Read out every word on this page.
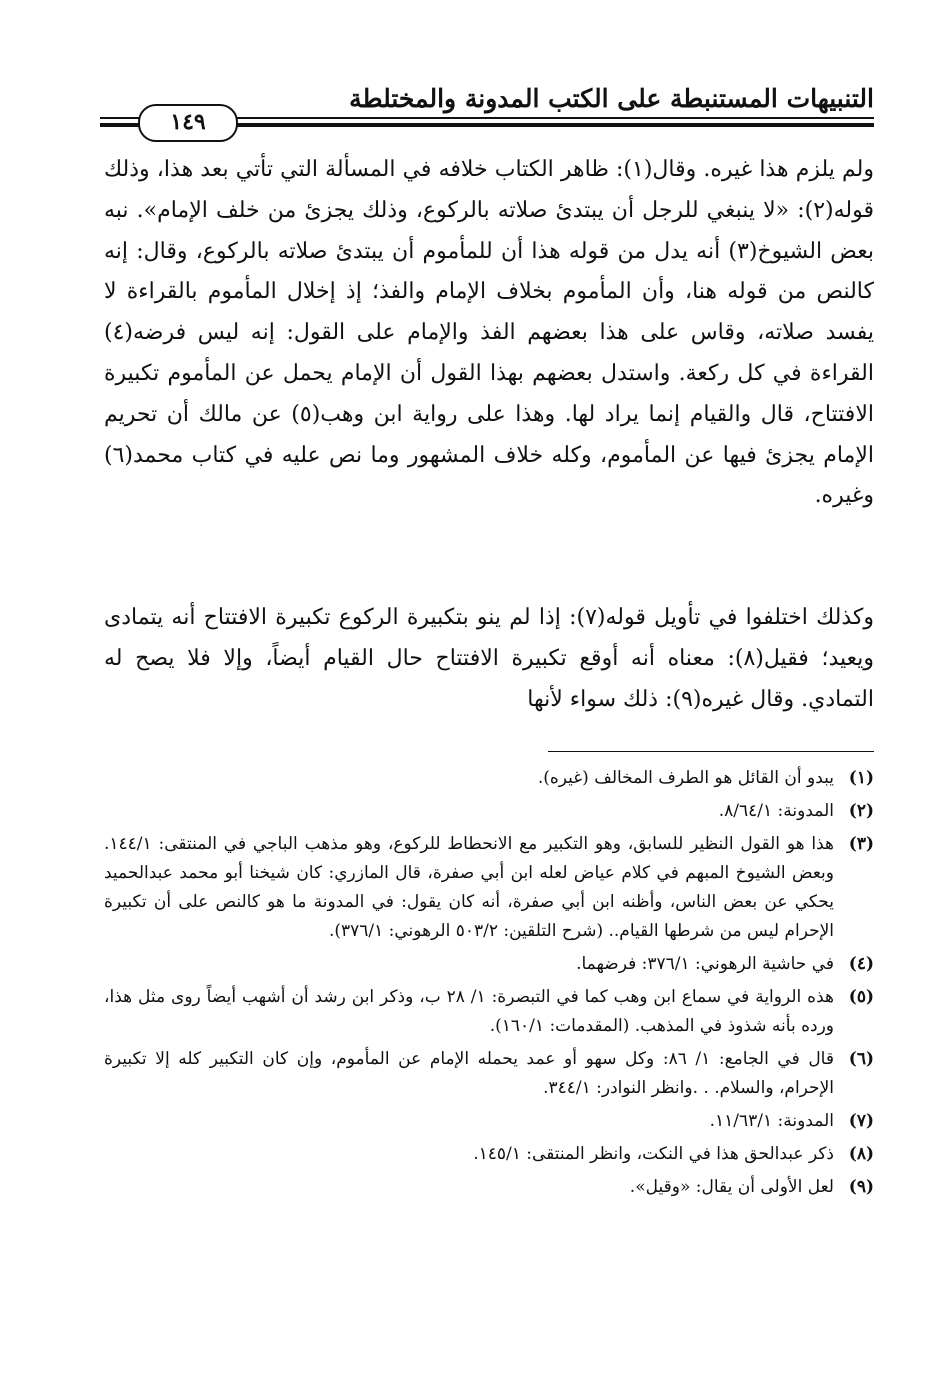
التنبيهات المستنبطة على الكتب المدونة والمختلطة
١٤٩

ولم يلزم هذا غيره. وقال(١): ظاهر الكتاب خلافه في المسألة التي تأتي بعد هذا، وذلك قوله(٢): «لا ينبغي للرجل أن يبتدئ صلاته بالركوع، وذلك يجزئ من خلف الإمام». نبه بعض الشيوخ(٣) أنه يدل من قوله هذا أن للمأموم أن يبتدئ صلاته بالركوع، وقال: إنه كالنص من قوله هنا، وأن المأموم بخلاف الإمام والفذ؛ إذ إخلال المأموم بالقراءة لا يفسد صلاته، وقاس على هذا بعضهم الفذ والإمام على القول: إنه ليس فرضه(٤) القراءة في كل ركعة. واستدل بعضهم بهذا القول أن الإمام يحمل عن المأموم تكبيرة الافتتاح، قال والقيام إنما يراد لها. وهذا على رواية ابن وهب(٥) عن مالك أن تحريم الإمام يجزئ فيها عن المأموم، وكله خلاف المشهور وما نص عليه في كتاب محمد(٦) وغيره.

وكذلك اختلفوا في تأويل قوله(٧): إذا لم ينو بتكبيرة الركوع تكبيرة الافتتاح أنه يتمادى ويعيد؛ فقيل(٨): معناه أنه أوقع تكبيرة الافتتاح حال القيام أيضاً، وإلا فلا يصح له التمادي. وقال غيره(٩): ذلك سواء لأنها

(١)
يبدو أن القائل هو الطرف المخالف (غيره).
(٢)
المدونة: ٨/٦٤/١.
(٣)
هذا هو القول النظير للسابق، وهو التكبير مع الانحطاط للركوع، وهو مذهب الباجي في المنتقى: ١٤٤/١. وبعض الشيوخ المبهم في كلام عياض لعله ابن أبي صفرة، قال المازري: كان شيخنا أبو محمد عبدالحميد يحكي عن بعض الناس، وأظنه ابن أبي صفرة، أنه كان يقول: في المدونة ما هو كالنص على أن تكبيرة الإحرام ليس من شرطها القيام.. (شرح التلقين: ٥٠٣/٢ الرهوني: ٣٧٦/١).
(٤)
في حاشية الرهوني: ٣٧٦/١: فرضهما.
(٥)
هذه الرواية في سماع ابن وهب كما في التبصرة: ١/ ٢٨ ب، وذكر ابن رشد أن أشهب أيضاً روى مثل هذا، ورده بأنه شذوذ في المذهب. (المقدمات: ١٦٠/١).
(٦)
قال في الجامع: ١/ ٨٦: وكل سهو أو عمد يحمله الإمام عن المأموم، وإن كان التكبير كله إلا تكبيرة الإحرام، والسلام. . .وانظر النوادر: ٣٤٤/١.
(٧)
المدونة: ١١/٦٣/١.
(٨)
ذكر عبدالحق هذا في النكت، وانظر المنتقى: ١٤٥/١.
(٩)
لعل الأولى أن يقال: «وقيل».
